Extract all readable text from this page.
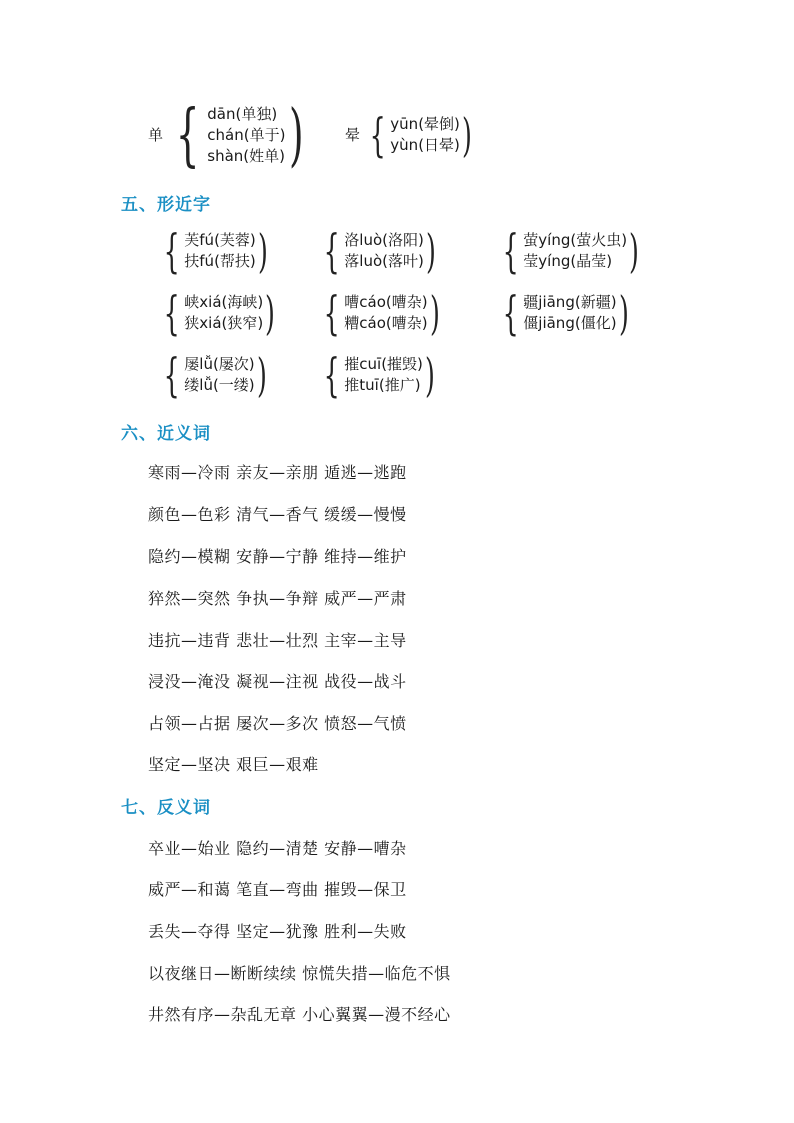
单 { dān(单独)
chán(单于)
shàn(姓单) )	晕 { yūn(晕倒)
yùn(日晕) )
五、形近字
{ 芙fú(芙蓉)
扶fú(帮扶) ) { 洛luò(洛阳)
落luò(落叶) ) { 萤yíng(萤火虫)
莹yíng(晶莹) )
{ 峡xiá(海峡)
狭xiá(狭窄) ) { 嘈cáo(嘈杂)
糟cáo(嘈杂) ) { 疆jiāng(新疆)
僵jiāng(僵化) )
{ 屡lǚ(屡次)
缕lǚ(一缕) ) { 摧cuī(摧毁)
推tuī(推广) )
六、近义词
寒雨—冷雨 亲友—亲朋 遁逃—逃跑
颜色—色彩 清气—香气 缓缓—慢慢
隐约—模糊 安静—宁静 维持—维护
猝然—突然 争执—争辩 威严—严肃
违抗—违背 悲壮—壮烈 主宰—主导
浸没—淹没 凝视—注视 战役—战斗
占领—占据 屡次—多次 愤怒—气愤
坚定—坚决 艰巨—艰难
七、反义词
卒业—始业 隐约—清楚 安静—嘈杂
威严—和蔼 笔直—弯曲 摧毁—保卫
丢失—夺得 坚定—犹豫 胜利—失败
以夜继日—断断续续 惊慌失措—临危不惧
井然有序—杂乱无章 小心翼翼—漫不经心
